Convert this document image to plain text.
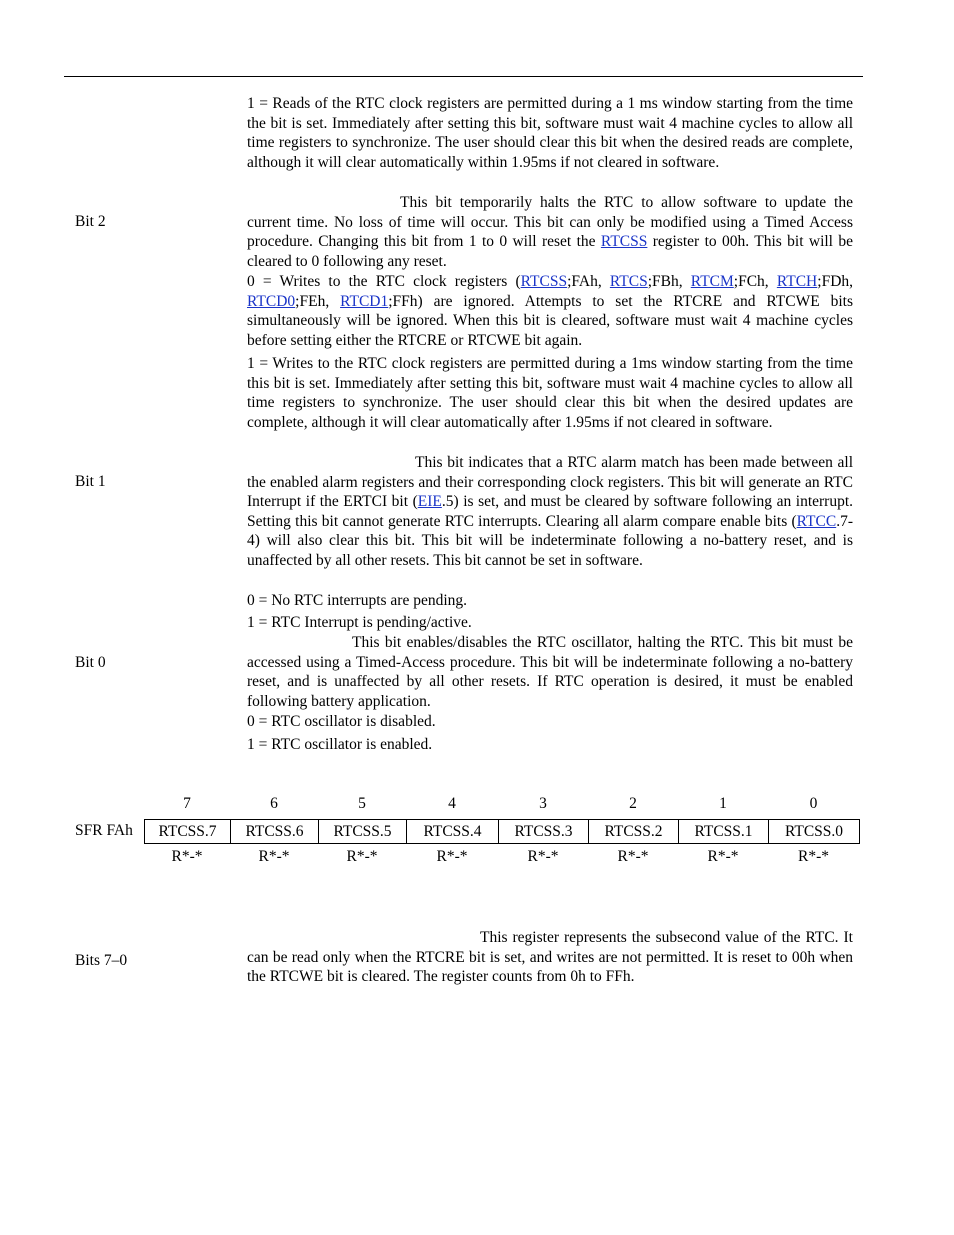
1 = Reads of the RTC clock registers are permitted during a 1 ms window starting from the time the bit is set. Immediately after setting this bit, software must wait 4 machine cycles to allow all time registers to synchronize. The user should clear this bit when the desired reads are complete, although it will clear automatically within 1.95ms if not cleared in software.

Bit 2

This bit temporarily halts the RTC to allow software to update the current time. No loss of time will occur. This bit can only be modified using a Timed Access procedure. Changing this bit from 1 to 0 will reset the RTCSS register to 00h. This bit will be cleared to 0 following any reset.

0 = Writes to the RTC clock registers (RTCSS;FAh, RTCS;FBh, RTCM;FCh, RTCH;FDh, RTCD0;FEh, RTCD1;FFh) are ignored. Attempts to set the RTCRE and RTCWE bits simultaneously will be ignored. When this bit is cleared, software must wait 4 machine cycles before setting either the RTCRE or RTCWE bit again.

1 = Writes to the RTC clock registers are permitted during a 1ms window starting from the time this bit is set. Immediately after setting this bit, software must wait 4 machine cycles to allow all time registers to synchronize. The user should clear this bit when the desired updates are complete, although it will clear automatically after 1.95ms if not cleared in software.

Bit 1

This bit indicates that a RTC alarm match has been made between all the enabled alarm registers and their corresponding clock registers. This bit will generate an RTC Interrupt if the ERTCI bit (EIE.5) is set, and must be cleared by software following an interrupt. Setting this bit cannot generate RTC interrupts. Clearing all alarm compare enable bits (RTCC.7-4) will also clear this bit. This bit will be indeterminate following a no-battery reset, and is unaffected by all other resets. This bit cannot be set in software.

0 = No RTC interrupts are pending.

1 = RTC Interrupt is pending/active.

Bit 0

This bit enables/disables the RTC oscillator, halting the RTC. This bit must be accessed using a Timed-Access procedure. This bit will be indeterminate following a no-battery reset, and is unaffected by all other resets. If RTC operation is desired, it must be enabled following battery application.

0 = RTC oscillator is disabled.

1 = RTC oscillator is enabled.

7	6	5	4	3	2	1	0
SFR FAh RTCSS.7	RTCSS.6	RTCSS.5	RTCSS.4	RTCSS.3	RTCSS.2	RTCSS.1	RTCSS.0
R*-*	R*-*	R*-*	R*-*	R*-*	R*-*	R*-*	R*-*
Bits 7–0

This register represents the subsecond value of the RTC. It can be read only when the RTCRE bit is set, and writes are not permitted. It is reset to 00h when the RTCWE bit is cleared. The register counts from 0h to FFh.
